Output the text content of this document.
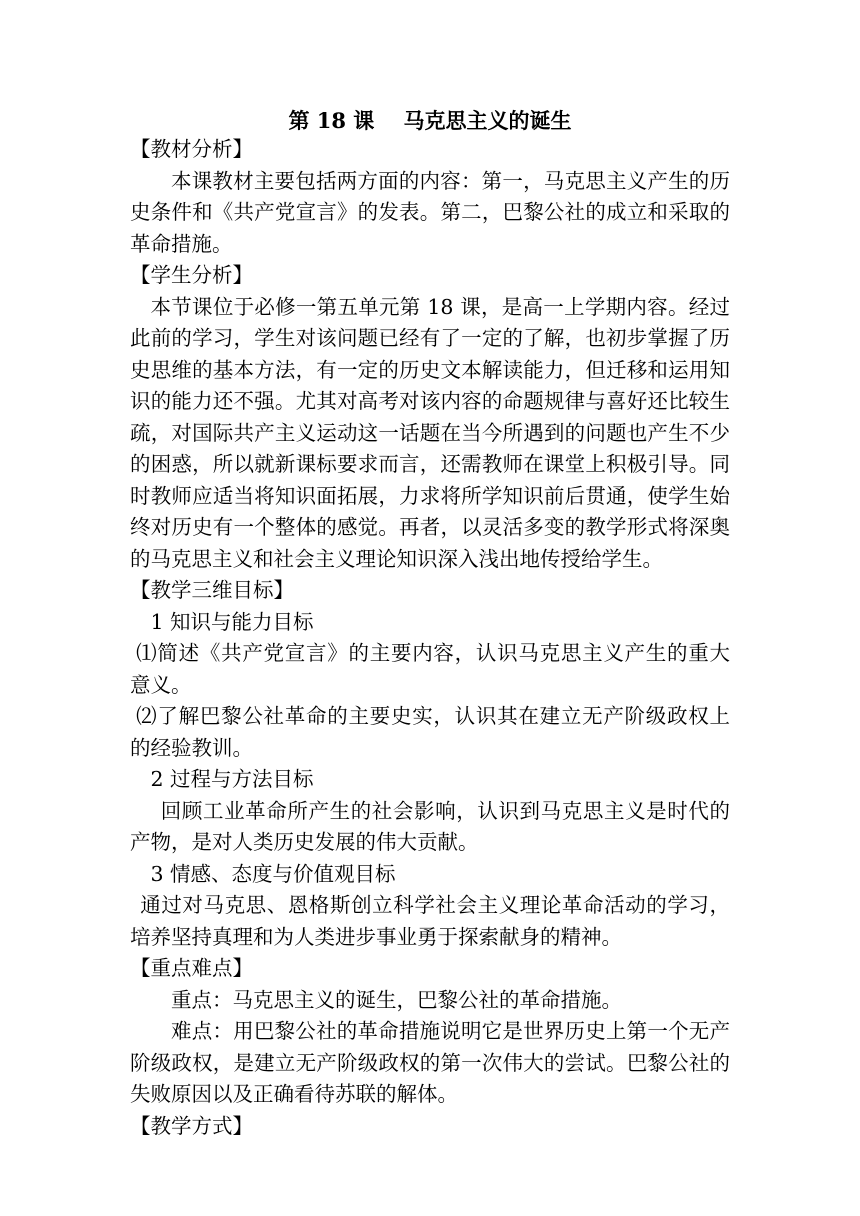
第 18 课    马克思主义的诞生

【教材分析】

本课教材主要包括两方面的内容：第一，马克思主义产生的历史条件和《共产党宣言》的发表。第二，巴黎公社的成立和采取的革命措施。

【学生分析】

本节课位于必修一第五单元第 18 课，是高一上学期内容。经过此前的学习，学生对该问题已经有了一定的了解，也初步掌握了历史思维的基本方法，有一定的历史文本解读能力，但迁移和运用知识的能力还不强。尤其对高考对该内容的命题规律与喜好还比较生疏，对国际共产主义运动这一话题在当今所遇到的问题也产生不少的困惑，所以就新课标要求而言，还需教师在课堂上积极引导。同时教师应适当将知识面拓展，力求将所学知识前后贯通，使学生始终对历史有一个整体的感觉。再者，以灵活多变的教学形式将深奥的马克思主义和社会主义理论知识深入浅出地传授给学生。

【教学三维目标】

1 知识与能力目标

⑴简述《共产党宣言》的主要内容，认识马克思主义产生的重大意义。

⑵了解巴黎公社革命的主要史实，认识其在建立无产阶级政权上的经验教训。

2 过程与方法目标

回顾工业革命所产生的社会影响，认识到马克思主义是时代的产物，是对人类历史发展的伟大贡献。

3 情感、态度与价值观目标

通过对马克思、恩格斯创立科学社会主义理论革命活动的学习，培养坚持真理和为人类进步事业勇于探索献身的精神。

【重点难点】

重点：马克思主义的诞生，巴黎公社的革命措施。

难点：用巴黎公社的革命措施说明它是世界历史上第一个无产阶级政权，是建立无产阶级政权的第一次伟大的尝试。巴黎公社的失败原因以及正确看待苏联的解体。

【教学方式】
